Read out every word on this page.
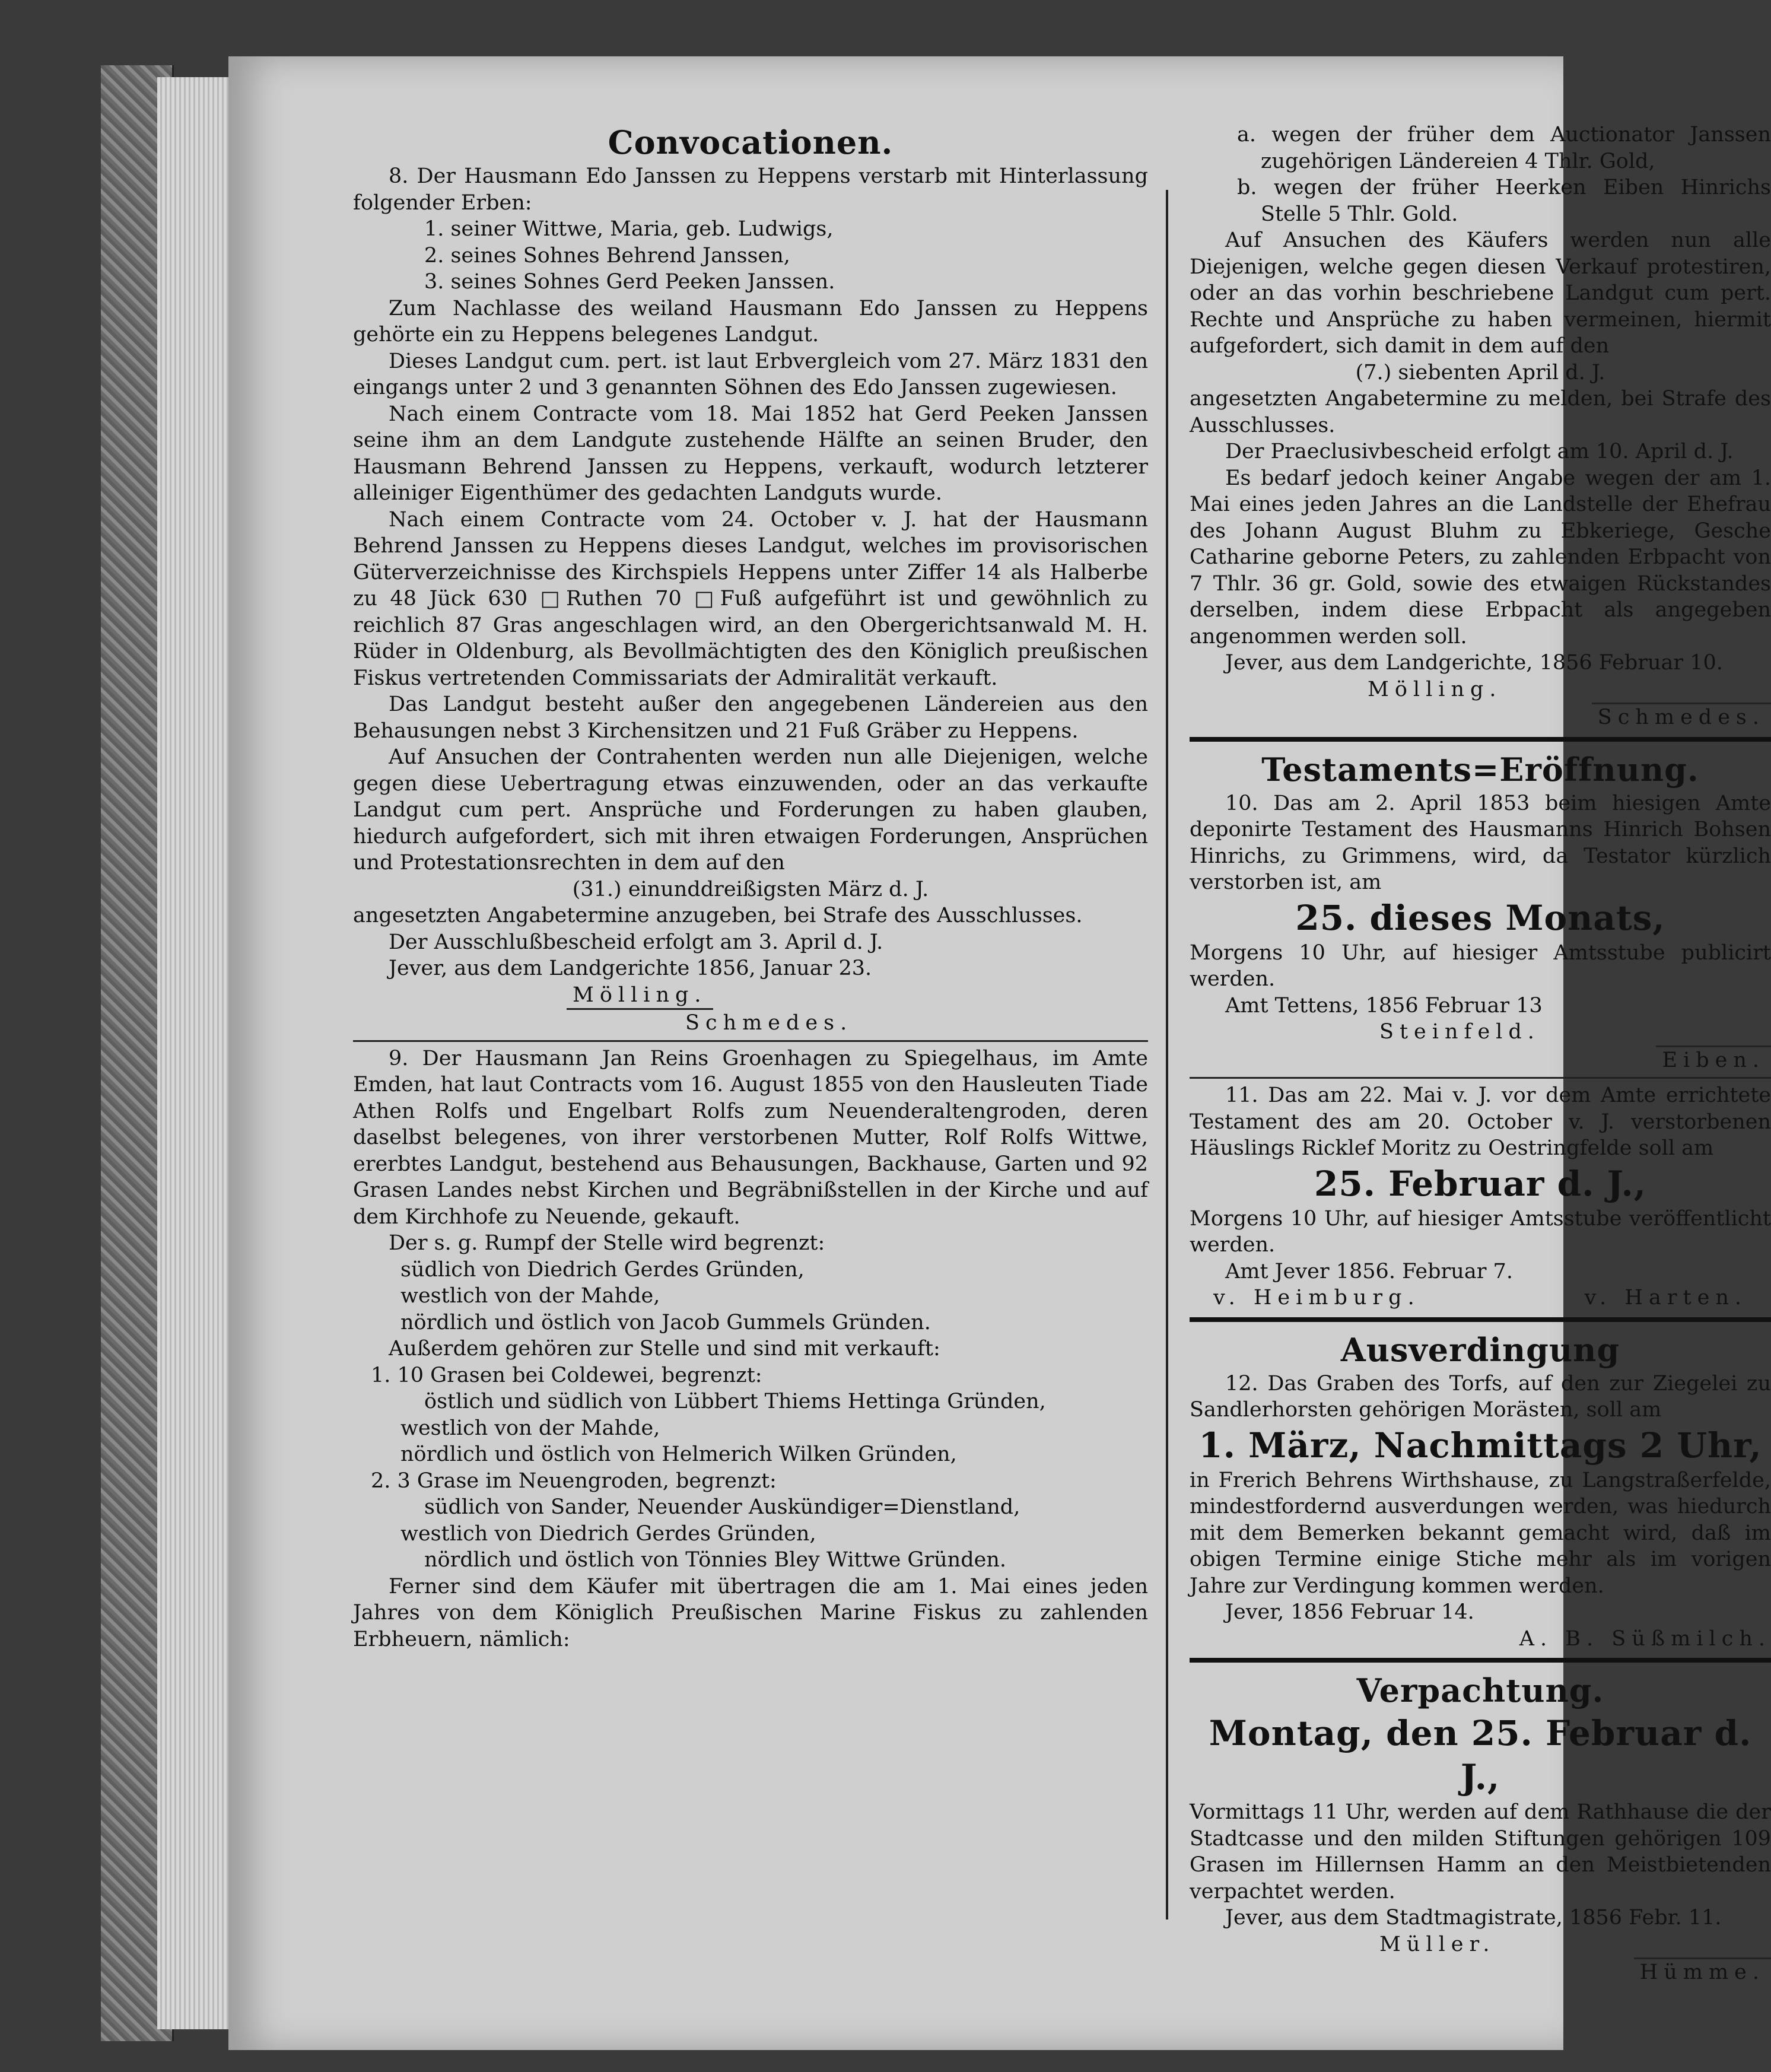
Convocationen.

8. Der Hausmann Edo Janssen zu Heppens verstarb mit Hinterlassung folgender Erben:

1. seiner Wittwe, Maria, geb. Ludwigs,

2. seines Sohnes Behrend Janssen,

3. seines Sohnes Gerd Peeken Janssen.

Zum Nachlasse des weiland Hausmann Edo Janssen zu Heppens gehörte ein zu Heppens belegenes Landgut.

Dieses Landgut cum. pert. ist laut Erbvergleich vom 27. März 1831 den eingangs unter 2 und 3 genannten Söhnen des Edo Janssen zugewiesen.

Nach einem Contracte vom 18. Mai 1852 hat Gerd Peeken Janssen seine ihm an dem Landgute zustehende Hälfte an seinen Bruder, den Hausmann Behrend Janssen zu Heppens, verkauft, wodurch letzterer alleiniger Eigenthümer des gedachten Landguts wurde.

Nach einem Contracte vom 24. October v. J. hat der Hausmann Behrend Janssen zu Heppens dieses Landgut, welches im provisorischen Güterverzeichnisse des Kirchspiels Heppens unter Ziffer 14 als Halberbe zu 48 Jück 630 □Ruthen 70 □Fuß aufgeführt ist und gewöhnlich zu reichlich 87 Gras angeschlagen wird, an den Obergerichtsanwald M. H. Rüder in Oldenburg, als Bevollmächtigten des den Königlich preußischen Fiskus vertretenden Commissariats der Admiralität verkauft.

Das Landgut besteht außer den angegebenen Ländereien aus den Behausungen nebst 3 Kirchensitzen und 21 Fuß Gräber zu Heppens.

Auf Ansuchen der Contrahenten werden nun alle Diejenigen, welche gegen diese Uebertragung etwas einzuwenden, oder an das verkaufte Landgut cum pert. Ansprüche und Forderungen zu haben glauben, hiedurch aufgefordert, sich mit ihren etwaigen Forderungen, Ansprüchen und Protestationsrechten in dem auf den

(31.) einunddreißigsten März d. J.

angesetzten Angabetermine anzugeben, bei Strafe des Ausschlusses.

Der Ausschlußbescheid erfolgt am 3. April d. J.

Jever, aus dem Landgerichte 1856, Januar 23.

Mölling.

Schmedes.

9. Der Hausmann Jan Reins Groenhagen zu Spiegelhaus, im Amte Emden, hat laut Contracts vom 16. August 1855 von den Hausleuten Tiade Athen Rolfs und Engelbart Rolfs zum Neuenderaltengroden, deren daselbst belegenes, von ihrer verstorbenen Mutter, Rolf Rolfs Wittwe, ererbtes Landgut, bestehend aus Behausungen, Backhause, Garten und 92 Grasen Landes nebst Kirchen und Begräbnißstellen in der Kirche und auf dem Kirchhofe zu Neuende, gekauft.

Der s. g. Rumpf der Stelle wird begrenzt:

südlich von Diedrich Gerdes Gründen,

westlich von der Mahde,

nördlich und östlich von Jacob Gummels Gründen.

Außerdem gehören zur Stelle und sind mit verkauft:

1. 10 Grasen bei Coldewei, begrenzt:

östlich und südlich von Lübbert Thiems Hettinga Gründen,

westlich von der Mahde,

nördlich und östlich von Helmerich Wilken Gründen,

2. 3 Grase im Neuengroden, begrenzt:

südlich von Sander, Neuender Auskündiger=Dienstland,

westlich von Diedrich Gerdes Gründen,

nördlich und östlich von Tönnies Bley Wittwe Gründen.

Ferner sind dem Käufer mit übertragen die am 1. Mai eines jeden Jahres von dem Königlich Preußischen Marine Fiskus zu zahlenden Erbheuern, nämlich:

a. wegen der früher dem Auctionator Janssen zugehörigen Ländereien 4 Thlr. Gold,

b. wegen der früher Heerken Eiben Hinrichs Stelle 5 Thlr. Gold.

Auf Ansuchen des Käufers werden nun alle Diejenigen, welche gegen diesen Verkauf protestiren, oder an das vorhin beschriebene Landgut cum pert. Rechte und Ansprüche zu haben vermeinen, hiermit aufgefordert, sich damit in dem auf den

(7.) siebenten April d. J.

angesetzten Angabetermine zu melden, bei Strafe des Ausschlusses.

Der Praeclusivbescheid erfolgt am 10. April d. J.

Es bedarf jedoch keiner Angabe wegen der am 1. Mai eines jeden Jahres an die Landstelle der Ehefrau des Johann August Bluhm zu Ebkeriege, Gesche Catharine geborne Peters, zu zahlenden Erbpacht von 7 Thlr. 36 gr. Gold, sowie des etwaigen Rückstandes derselben, indem diese Erbpacht als angegeben angenommen werden soll.

Jever, aus dem Landgerichte, 1856 Februar 10.

Mölling.

Schmedes.

Testaments=Eröffnung.

10. Das am 2. April 1853 beim hiesigen Amte deponirte Testament des Hausmanns Hinrich Bohsen Hinrichs, zu Grimmens, wird, da Testator kürzlich verstorben ist, am

25. dieses Monats,

Morgens 10 Uhr, auf hiesiger Amtsstube publicirt werden.

Amt Tettens, 1856 Februar 13

Steinfeld.

Eiben.

11. Das am 22. Mai v. J. vor dem Amte errichtete Testament des am 20. October v. J. verstorbenen Häuslings Ricklef Moritz zu Oestringfelde soll am

25. Februar d. J.,

Morgens 10 Uhr, auf hiesiger Amtsstube veröffentlicht werden.

Amt Jever 1856. Februar 7.

v. Heimburg.	v. Harten.

Ausverdingung

12. Das Graben des Torfs, auf den zur Ziegelei zu Sandlerhorsten gehörigen Morästen, soll am

1. März, Nachmittags 2 Uhr,

in Frerich Behrens Wirthshause, zu Langstraßerfelde, mindestfordernd ausverdungen werden, was hiedurch mit dem Bemerken bekannt gemacht wird, daß im obigen Termine einige Stiche mehr als im vorigen Jahre zur Verdingung kommen werden.

Jever, 1856 Februar 14.

A. B. Süßmilch.

Verpachtung.
Montag, den 25. Februar d. J.,

Vormittags 11 Uhr, werden auf dem Rathhause die der Stadtcasse und den milden Stiftungen gehörigen 109 Grasen im Hillernsen Hamm an den Meistbietenden verpachtet werden.

Jever, aus dem Stadtmagistrate, 1856 Febr. 11.

Müller.

Hümme.
